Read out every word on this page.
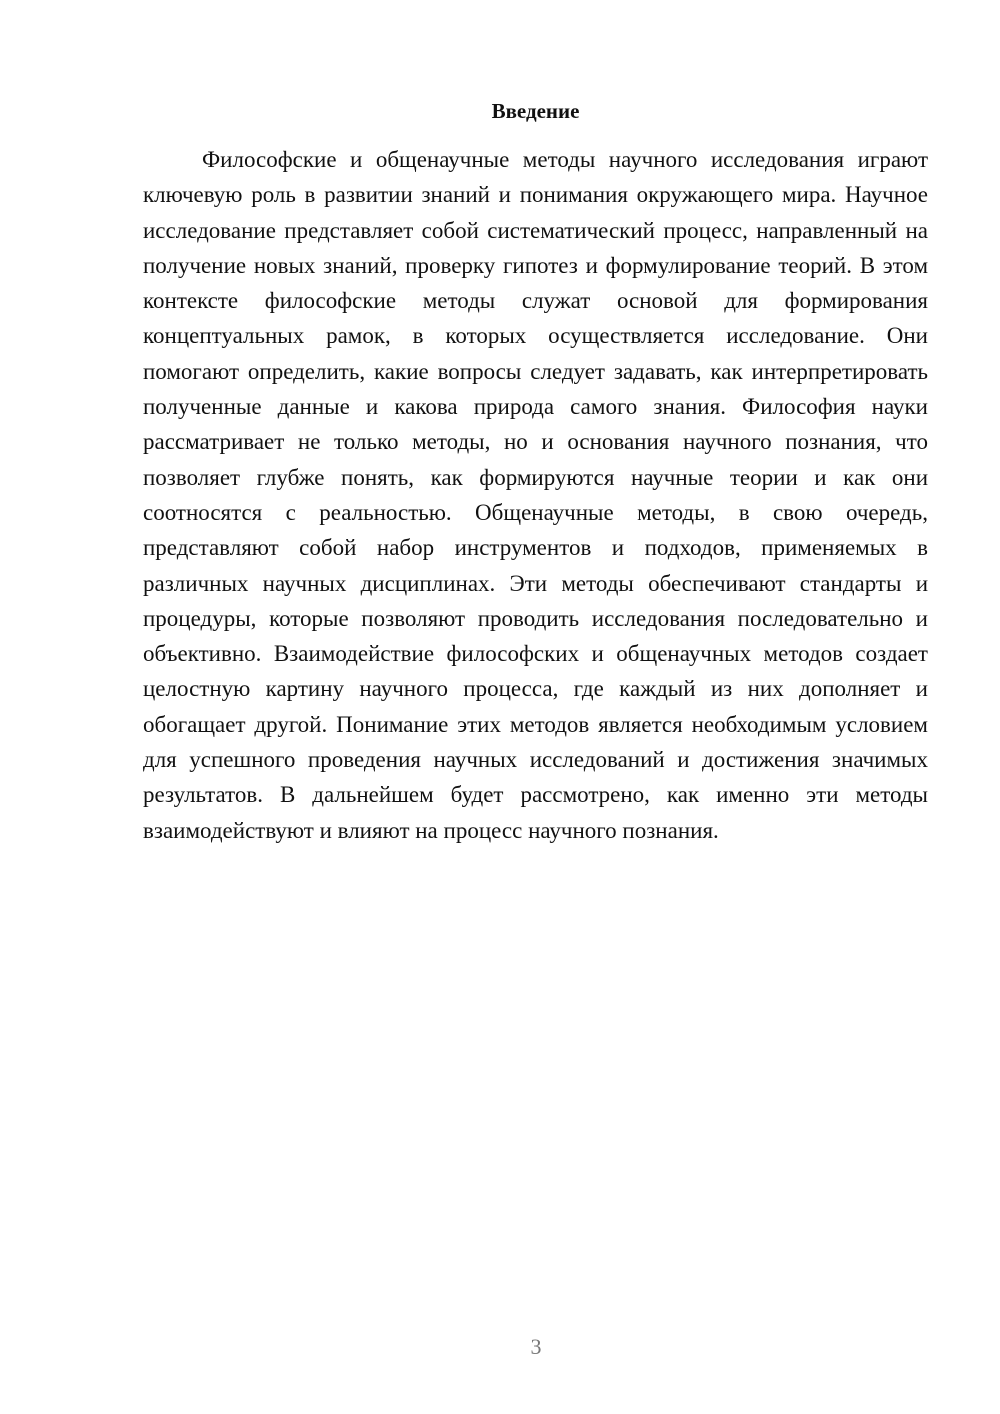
Введение

Философские и общенаучные методы научного исследования играют ключевую роль в развитии знаний и понимания окружающего мира. Научное исследование представляет собой систематический процесс, направленный на получение новых знаний, проверку гипотез и формулирование теорий. В этом контексте философские методы служат основой для формирования концептуальных рамок, в которых осуществляется исследование. Они помогают определить, какие вопросы следует задавать, как интерпретировать полученные данные и какова природа самого знания. Философия науки рассматривает не только методы, но и основания научного познания, что позволяет глубже понять, как формируются научные теории и как они соотносятся с реальностью. Общенаучные методы, в свою очередь, представляют собой набор инструментов и подходов, применяемых в различных научных дисциплинах. Эти методы обеспечивают стандарты и процедуры, которые позволяют проводить исследования последовательно и объективно. Взаимодействие философских и общенаучных методов создает целостную картину научного процесса, где каждый из них дополняет и обогащает другой. Понимание этих методов является необходимым условием для успешного проведения научных исследований и достижения значимых результатов. В дальнейшем будет рассмотрено, как именно эти методы взаимодействуют и влияют на процесс научного познания.

3
